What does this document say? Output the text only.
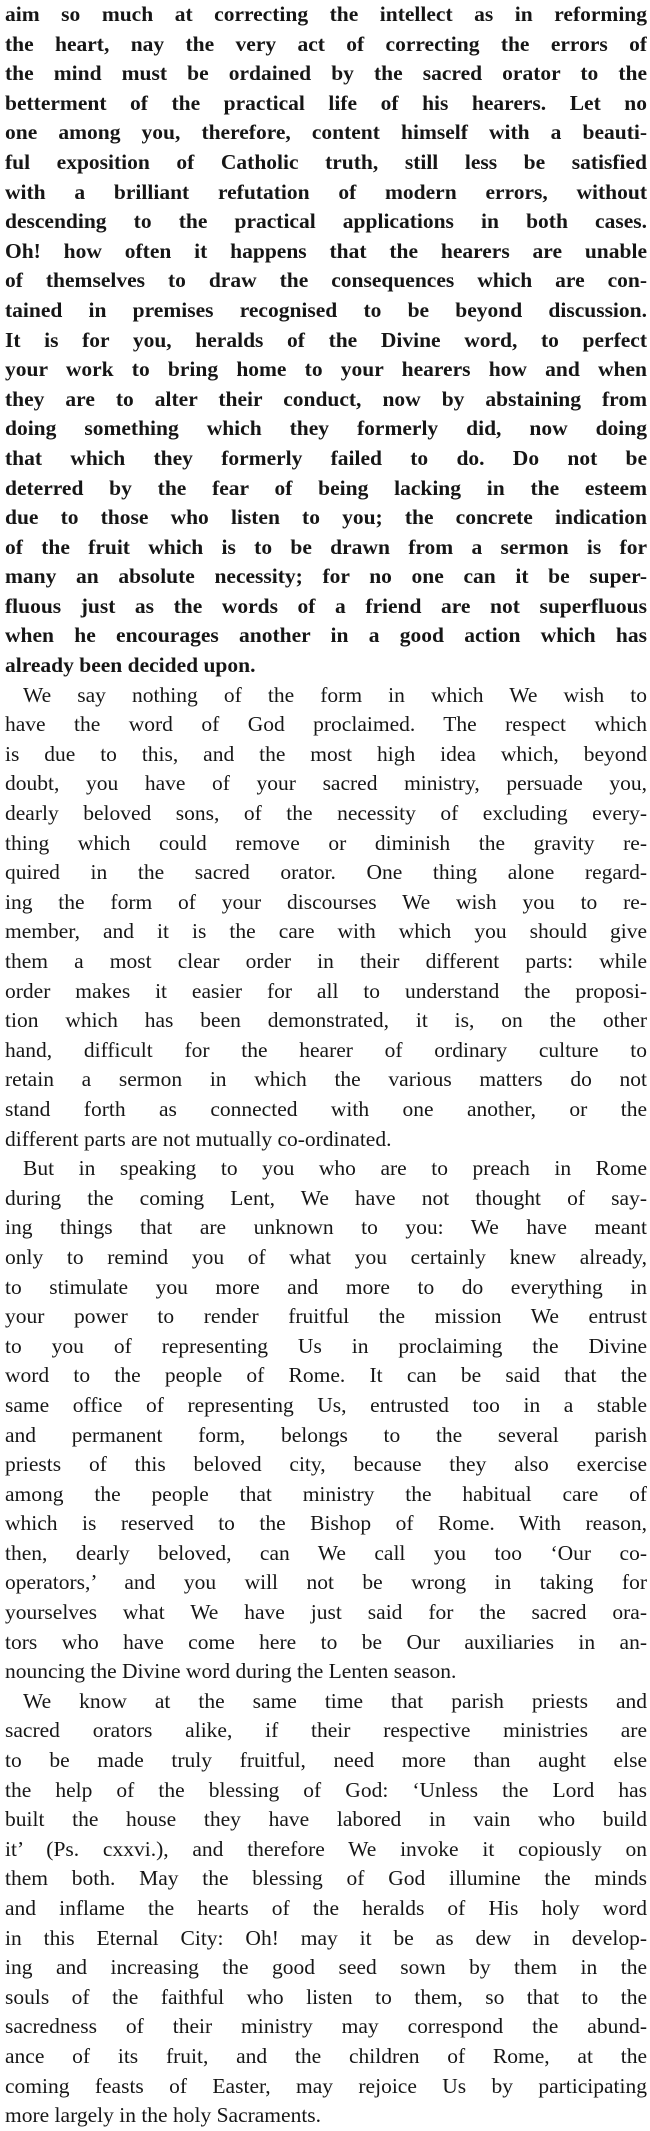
aim so much at correcting the intellect as in reforming
the heart, nay the very act of correcting the errors of
the mind must be ordained by the sacred orator to the
betterment of the practical life of his hearers. Let no
one among you, therefore, content himself with a beauti-
ful exposition of Catholic truth, still less be satisfied
with a brilliant refutation of modern errors, without
descending to the practical applications in both cases.
Oh! how often it happens that the hearers are unable
of themselves to draw the consequences which are con-
tained in premises recognised to be beyond discussion.
It is for you, heralds of the Divine word, to perfect
your work to bring home to your hearers how and when
they are to alter their conduct, now by abstaining from
doing something which they formerly did, now doing
that which they formerly failed to do. Do not be
deterred by the fear of being lacking in the esteem
due to those who listen to you; the concrete indication
of the fruit which is to be drawn from a sermon is for
many an absolute necessity; for no one can it be super-
fluous just as the words of a friend are not superfluous
when he encourages another in a good action which has
already been decided upon.

We say nothing of the form in which We wish to
have the word of God proclaimed. The respect which
is due to this, and the most high idea which, beyond
doubt, you have of your sacred ministry, persuade you,
dearly beloved sons, of the necessity of excluding every-
thing which could remove or diminish the gravity re-
quired in the sacred orator. One thing alone regard-
ing the form of your discourses We wish you to re-
member, and it is the care with which you should give
them a most clear order in their different parts: while
order makes it easier for all to understand the proposi-
tion which has been demonstrated, it is, on the other
hand, difficult for the hearer of ordinary culture to
retain a sermon in which the various matters do not
stand forth as connected with one another, or the
different parts are not mutually co-ordinated.

But in speaking to you who are to preach in Rome
during the coming Lent, We have not thought of say-
ing things that are unknown to you: We have meant
only to remind you of what you certainly knew already,
to stimulate you more and more to do everything in
your power to render fruitful the mission We entrust
to you of representing Us in proclaiming the Divine
word to the people of Rome. It can be said that the
same office of representing Us, entrusted too in a stable
and permanent form, belongs to the several parish
priests of this beloved city, because they also exercise
among the people that ministry the habitual care of
which is reserved to the Bishop of Rome. With reason,
then, dearly beloved, can We call you too ‘Our co-
operators,’ and you will not be wrong in taking for
yourselves what We have just said for the sacred ora-
tors who have come here to be Our auxiliaries in an-
nouncing the Divine word during the Lenten season.

We know at the same time that parish priests and
sacred orators alike, if their respective ministries are
to be made truly fruitful, need more than aught else
the help of the blessing of God: ‘Unless the Lord has
built the house they have labored in vain who build
it’ (Ps. cxxvi.), and therefore We invoke it copiously on
them both. May the blessing of God illumine the minds
and inflame the hearts of the heralds of His holy word
in this Eternal City: Oh! may it be as dew in develop-
ing and increasing the good seed sown by them in the
souls of the faithful who listen to them, so that to the
sacredness of their ministry may correspond the abund-
ance of its fruit, and the children of Rome, at the
coming feasts of Easter, may rejoice Us by participating
more largely in the holy Sacraments.
